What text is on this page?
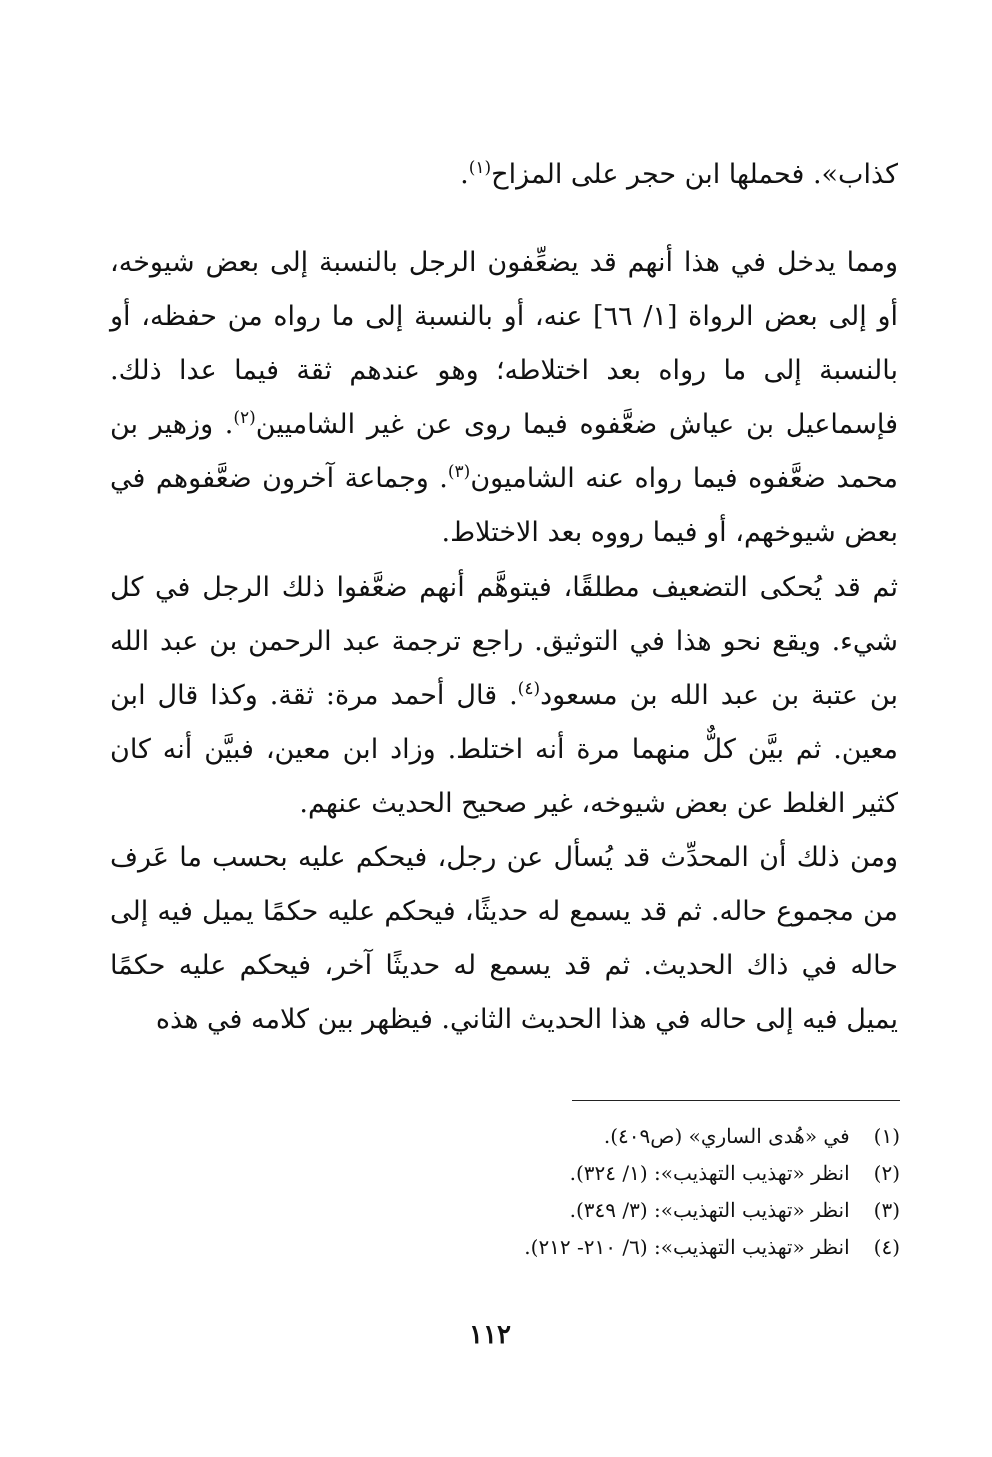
كذاب». فحملها ابن حجر على المزاح$^{(١)}$.

ومما يدخل في هذا أنهم قد يضعِّفون الرجل بالنسبة إلى بعض شيوخه، أو إلى بعض الرواة [١/ ٦٦] عنه، أو بالنسبة إلى ما رواه من حفظه، أو بالنسبة إلى ما رواه بعد اختلاطه؛ وهو عندهم ثقة فيما عدا ذلك. فإسماعيل بن عياش ضعَّفوه فيما روى عن غير الشاميين$^{(٢)}$. وزهير بن محمد ضعَّفوه فيما رواه عنه الشاميون$^{(٣)}$. وجماعة آخرون ضعَّفوهم في بعض شيوخهم، أو فيما رووه بعد الاختلاط.

ثم قد يُحكى التضعيف مطلقًا، فيتوهَّم أنهم ضعَّفوا ذلك الرجل في كل شيء. ويقع نحو هذا في التوثيق. راجع ترجمة عبد الرحمن بن عبد الله بن عتبة بن عبد الله بن مسعود$^{(٤)}$. قال أحمد مرة: ثقة. وكذا قال ابن معين. ثم بيَّن كلٌّ منهما مرة أنه اختلط. وزاد ابن معين، فبيَّن أنه كان كثير الغلط عن بعض شيوخه، غير صحيح الحديث عنهم.

ومن ذلك أن المحدِّث قد يُسأل عن رجل، فيحكم عليه بحسب ما عَرف من مجموع حاله. ثم قد يسمع له حديثًا، فيحكم عليه حكمًا يميل فيه إلى حاله في ذاك الحديث. ثم قد يسمع له حديثًا آخر، فيحكم عليه حكمًا يميل فيه إلى حاله في هذا الحديث الثاني. فيظهر بين كلامه في هذه

(١) في «هُدى الساري» (ص٤٠٩).
(٢) انظر «تهذيب التهذيب»: (١/ ٣٢٤).
(٣) انظر «تهذيب التهذيب»: (٣/ ٣٤٩).
(٤) انظر «تهذيب التهذيب»: (٦/ ٢١٠- ٢١٢).
١١٢
